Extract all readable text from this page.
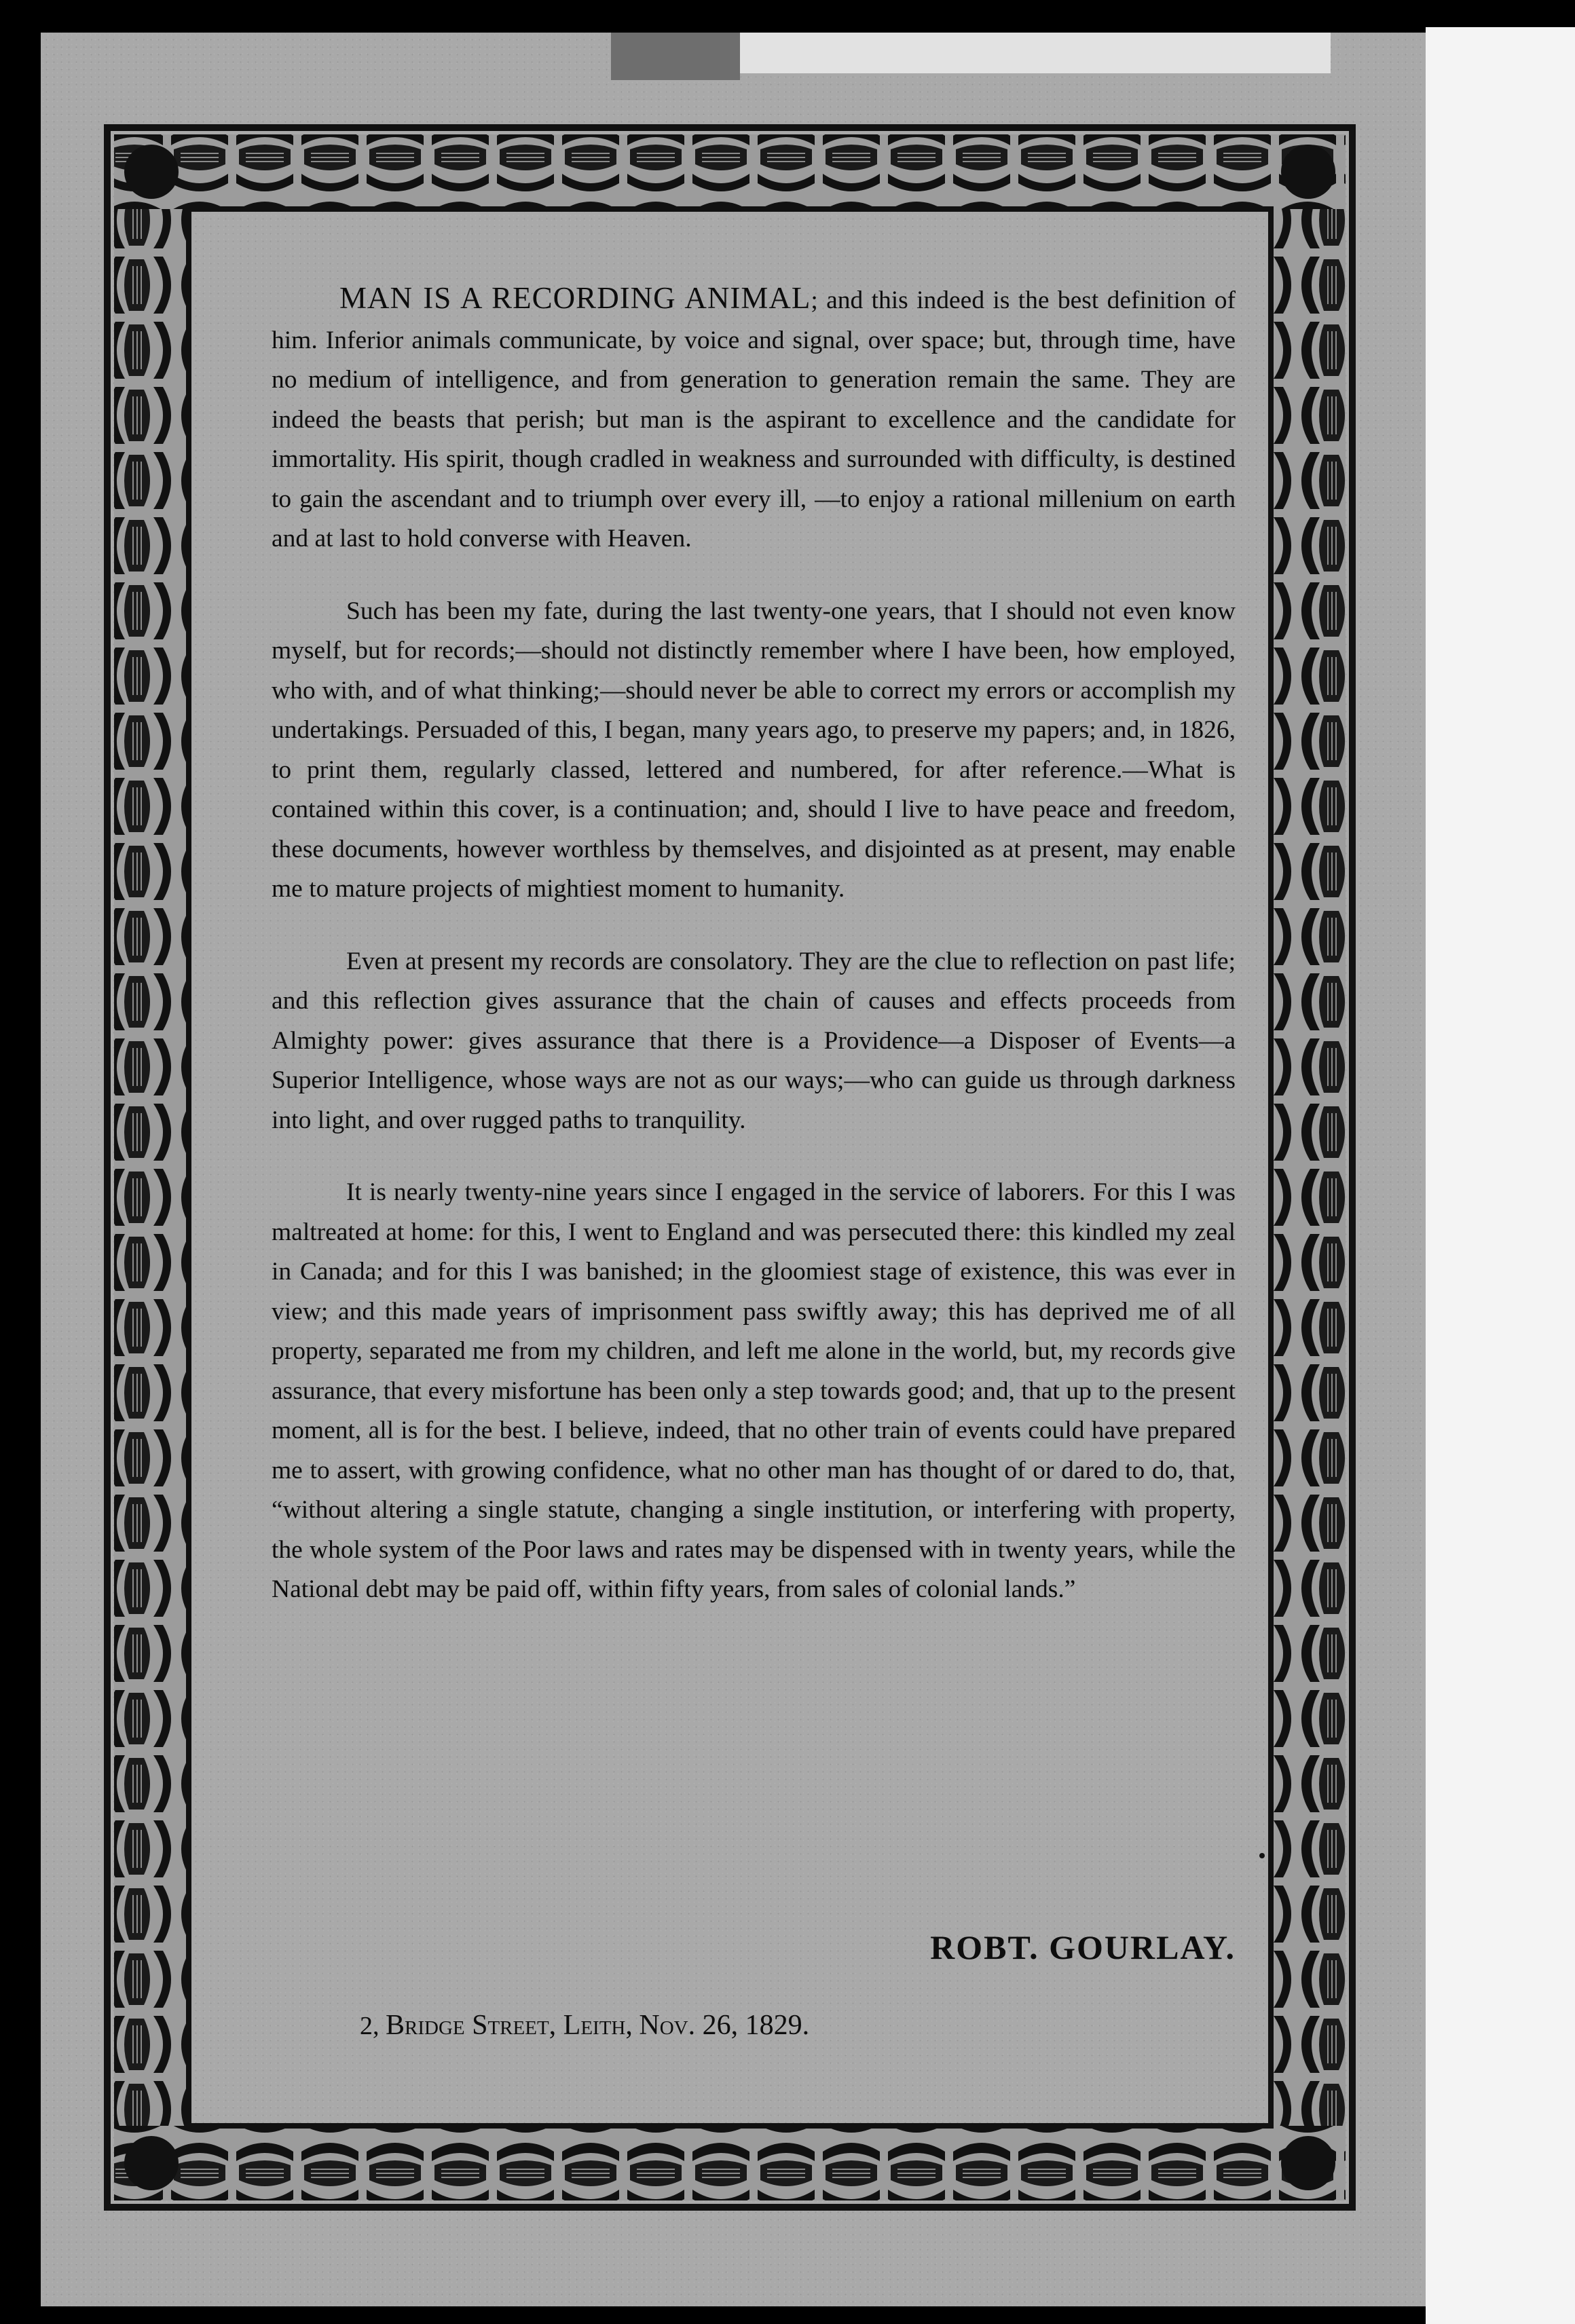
MAN IS A RECORDING ANIMAL; and this indeed is the best definition of him. Inferior animals communicate, by voice and signal, over space; but, through time, have no medium of intelligence, and from generation to generation remain the same. They are indeed the beasts that perish; but man is the aspirant to excellence and the candidate for immortality. His spirit, though cradled in weakness and surrounded with difficulty, is destined to gain the ascendant and to triumph over every ill, —to enjoy a rational millenium on earth and at last to hold converse with Heaven.

Such has been my fate, during the last twenty-one years, that I should not even know myself, but for records;—should not distinctly remember where I have been, how employed, who with, and of what thinking;—should never be able to correct my errors or accomplish my undertakings. Persuaded of this, I began, many years ago, to preserve my papers; and, in 1826, to print them, regularly classed, lettered and numbered, for after reference.—What is contained within this cover, is a continuation; and, should I live to have peace and freedom, these documents, however worthless by themselves, and disjointed as at present, may enable me to mature projects of mightiest moment to humanity.

Even at present my records are consolatory. They are the clue to reflection on past life; and this reflection gives assurance that the chain of causes and effects proceeds from Almighty power: gives assurance that there is a Providence—a Disposer of Events—a Superior Intelligence, whose ways are not as our ways;—who can guide us through darkness into light, and over rugged paths to tranquility.

It is nearly twenty-nine years since I engaged in the service of laborers. For this I was maltreated at home: for this, I went to England and was persecuted there: this kindled my zeal in Canada; and for this I was banished; in the gloomiest stage of existence, this was ever in view; and this made years of imprisonment pass swiftly away; this has deprived me of all property, separated me from my children, and left me alone in the world, but, my records give assurance, that every misfortune has been only a step towards good; and, that up to the present moment, all is for the best. I believe, indeed, that no other train of events could have prepared me to assert, with growing confidence, what no other man has thought of or dared to do, that, “without altering a single statute, changing a single institution, or interfering with property, the whole system of the Poor laws and rates may be dispensed with in twenty years, while the National debt may be paid off, within fifty years, from sales of colonial lands.”

ROBT. GOURLAY.
2, Bridge Street, Leith, Nov. 26, 1829.
